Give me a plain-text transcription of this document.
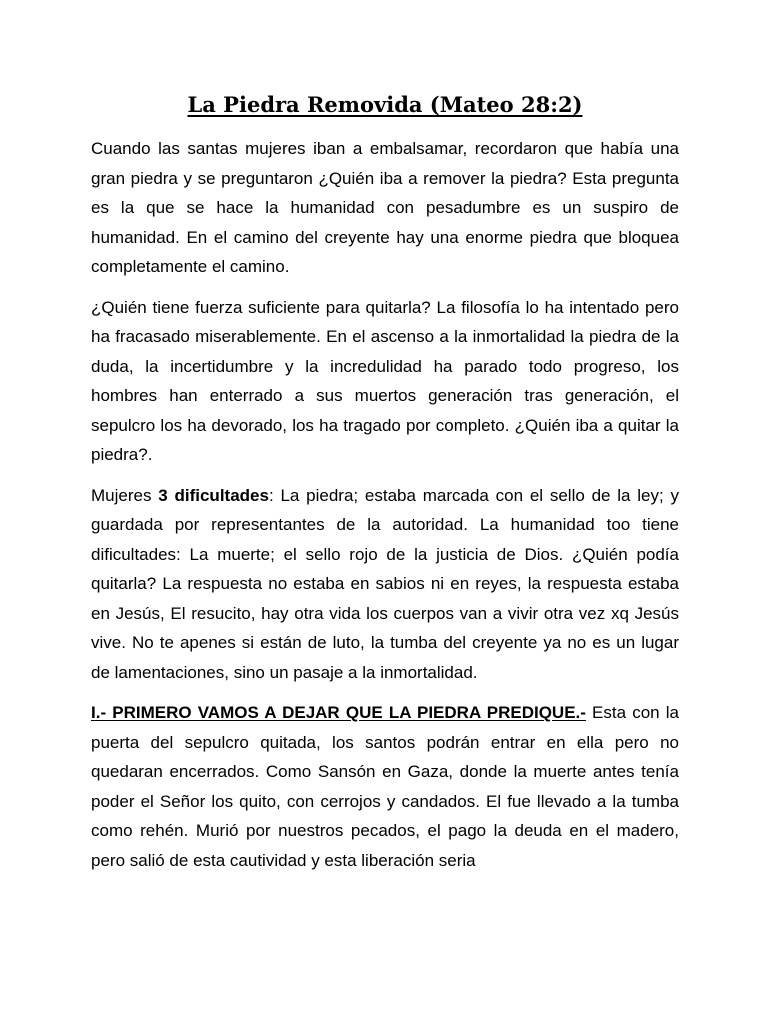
La Piedra Removida (Mateo 28:2)

Cuando las santas mujeres iban a embalsamar, recordaron que había una gran piedra y se preguntaron ¿Quién iba a remover la piedra? Esta pregunta es la que se hace la humanidad con pesadumbre es un suspiro de humanidad. En el camino del creyente hay una enorme piedra que bloquea completamente el camino.

¿Quién tiene fuerza suficiente para quitarla? La filosofía lo ha intentado pero ha fracasado miserablemente. En el ascenso a la inmortalidad la piedra de la duda, la incertidumbre y la incredulidad ha parado todo progreso, los hombres han enterrado a sus muertos generación tras generación, el sepulcro los ha devorado, los ha tragado por completo. ¿Quién iba a quitar la piedra?.

Mujeres 3 dificultades: La piedra; estaba marcada con el sello de la ley; y guardada por representantes de la autoridad. La humanidad too tiene dificultades: La muerte; el sello rojo de la justicia de Dios. ¿Quién podía quitarla? La respuesta no estaba en sabios ni en reyes, la respuesta estaba en Jesús, El resucito, hay otra vida los cuerpos van a vivir otra vez xq Jesús vive. No te apenes si están de luto, la tumba del creyente ya no es un lugar de lamentaciones, sino un pasaje a la inmortalidad.

I.- PRIMERO VAMOS A DEJAR QUE LA PIEDRA PREDIQUE.- Esta con la puerta del sepulcro quitada, los santos podrán entrar en ella pero no quedaran encerrados. Como Sansón en Gaza, donde la muerte antes tenía poder el Señor los quito, con cerrojos y candados. El fue llevado a la tumba como rehén. Murió por nuestros pecados, el pago la deuda en el madero, pero salió de esta cautividad y esta liberación seria
